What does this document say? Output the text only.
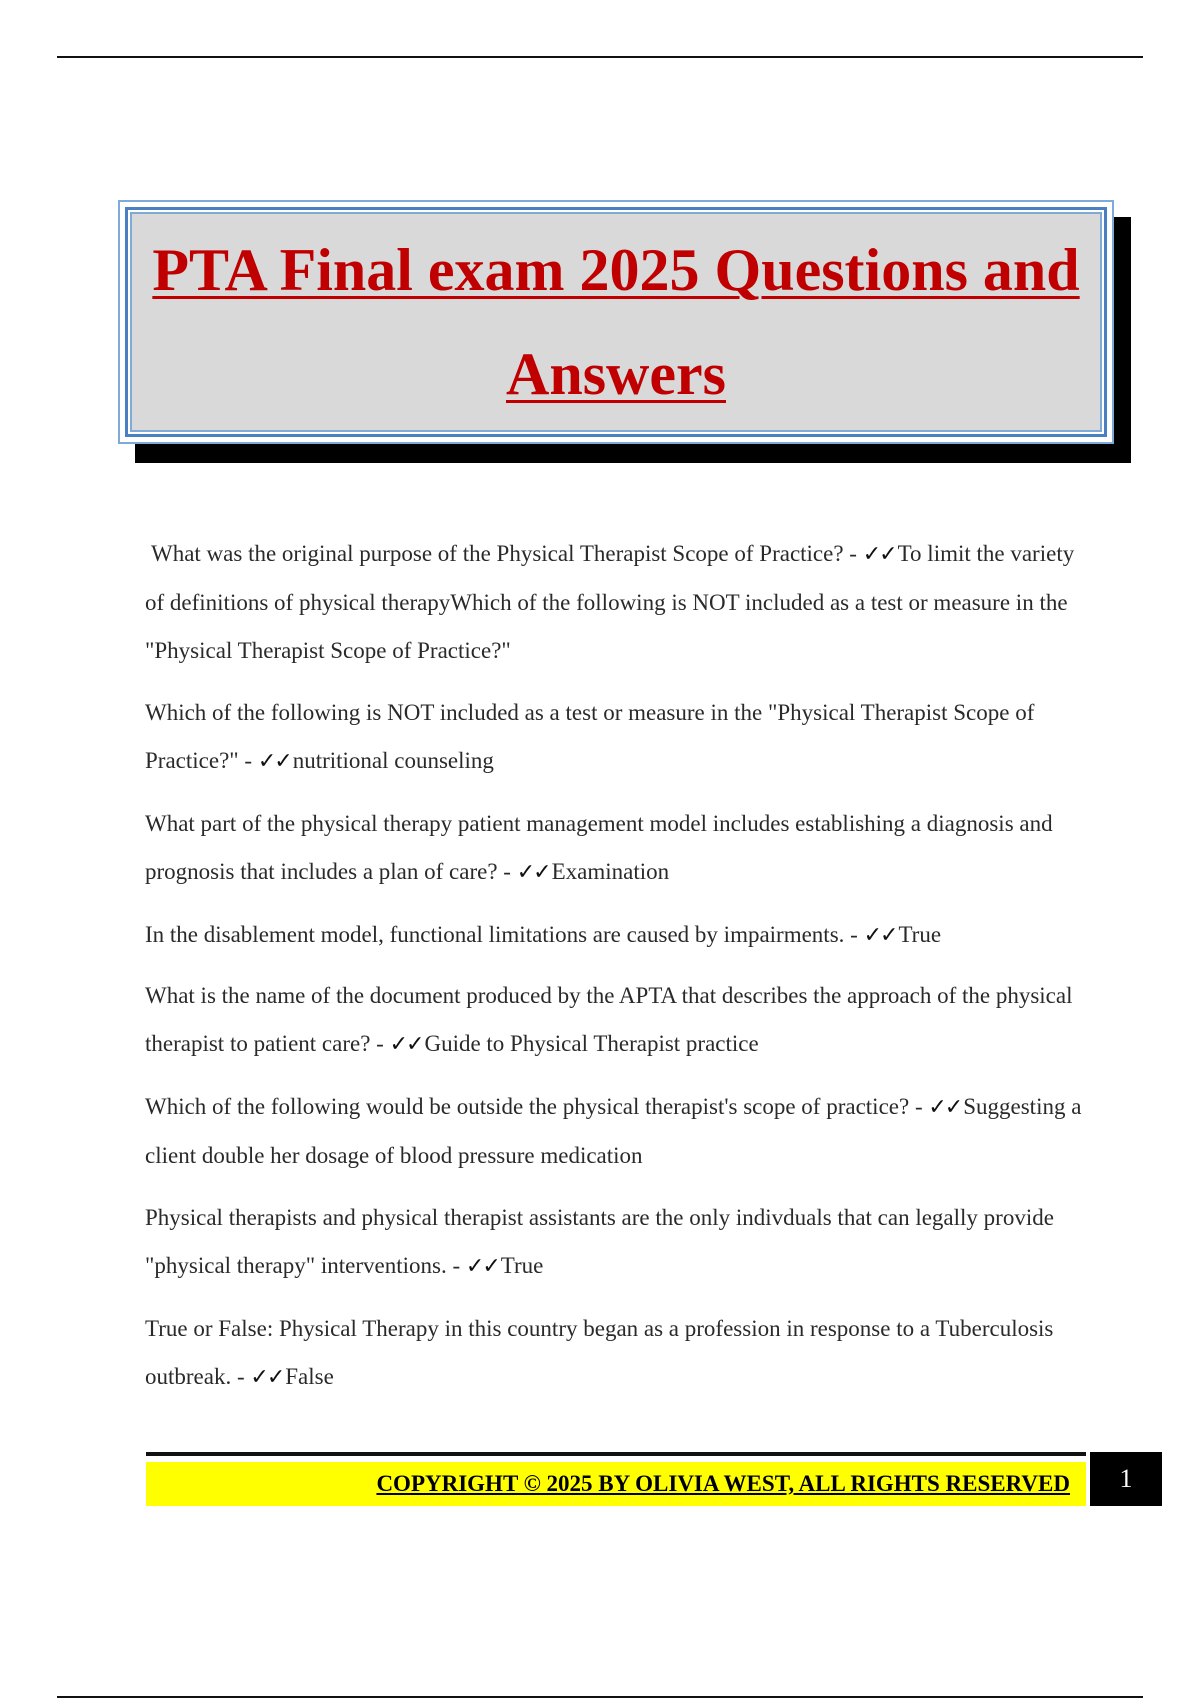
PTA Final exam 2025 Questions and
Answers

What was the original purpose of the Physical Therapist Scope of Practice? - ✓✓To limit the variety of definitions of physical therapyWhich of the following is NOT included as a test or measure in the "Physical Therapist Scope of Practice?"

Which of the following is NOT included as a test or measure in the "Physical Therapist Scope of Practice?" - ✓✓nutritional counseling

What part of the physical therapy patient management model includes establishing a diagnosis and prognosis that includes a plan of care? - ✓✓Examination

In the disablement model, functional limitations are caused by impairments. - ✓✓True

What is the name of the document produced by the APTA that describes the approach of the physical therapist to patient care? - ✓✓Guide to Physical Therapist practice

Which of the following would be outside the physical therapist's scope of practice? - ✓✓Suggesting a client double her dosage of blood pressure medication

Physical therapists and physical therapist assistants are the only indivduals that can legally provide "physical therapy" interventions. - ✓✓True

True or False: Physical Therapy in this country began as a profession in response to a Tuberculosis outbreak. - ✓✓False

COPYRIGHT © 2025 BY OLIVIA WEST, ALL RIGHTS RESERVED	1
